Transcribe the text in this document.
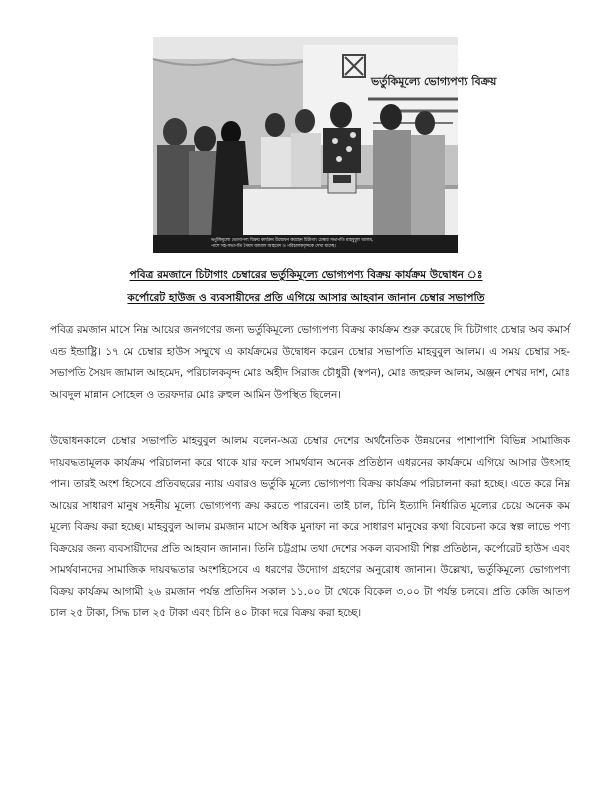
ভর্তুকিমূল্যে ভোগ্যপণ্য বিক্রয়
ভর্তুকিমূল্যে ভোগ্যপণ্য বিক্রয় কার্যক্রম উদ্বোধন করছেন চিটাগাং চেম্বার সভাপতি মাহবুবুল আলম,
পাশে সহ-সভাপতি সৈয়দ জামাল আহমেদ ও পরিচালকবৃন্দকে দেখা যাচ্ছে।
পবিত্র রমজানে চিটাগাং চেম্বারের ভর্তুকিমূল্যে ভোগ্যপণ্য বিক্রয় কার্যক্রম উদ্বোধন ঃ
কর্পোরেট হাউজ ও ব্যবসায়ীদের প্রতি এগিয়ে আসার আহবান জানান চেম্বার সভাপতি

পবিত্র রমজান মাসে নিম্ন আয়ের জনগণের জন্য ভর্তুকিমূল্যে ভোগ্যপণ্য বিক্রয় কার্যক্রম শুরু করেছে দি চিটাগাং চেম্বার অব কমার্স এন্ড ইন্ডাষ্ট্রি। ১৭ মে চেম্বার হাউস সম্মুখে এ কার্যক্রমের উদ্বোধন করেন চেম্বার সভাপতি মাহবুবুল আলম। এ সময় চেম্বার সহ-সভাপতি সৈয়দ জামাল আহমেদ, পরিচালকবৃন্দ মোঃ অহীদ সিরাজ চৌধুরী (স্বপন), মোঃ জহুরুল আলম, অঞ্জন শেখর দাশ, মোঃ আবদুল মান্নান সোহেল ও তরফদার মোঃ রুহুল আমিন উপস্থিত ছিলেন।

উদ্বোধনকালে চেম্বার সভাপতি মাহবুবুল আলম বলেন-অত্র চেম্বার দেশের অর্থনৈতিক উন্নয়নের পাশাপাশি বিভিন্ন সামাজিক দায়বদ্ধতামূলক কার্যক্রম পরিচালনা করে থাকে যার ফলে সামর্থবান অনেক প্রতিষ্ঠান এধরনের কার্যক্রমে এগিয়ে আসার উৎসাহ পান। তারই অংশ হিসেবে প্রতিবছরের ন্যায় এবারও ভর্তুকি মূল্যে ভোগ্যপণ্য বিক্রয় কার্যক্রম পরিচালনা করা হচ্ছে। এতে করে নিম্ন আয়ের সাধারণ মানুষ সহনীয় মূল্যে ভোগ্যপণ্য ক্রয় করতে পারবেন। তাই চাল, চিনি ইত্যাদি নির্ধারিত মূল্যের চেয়ে অনেক কম মূল্যে বিক্রয় করা হচ্ছে। মাহবুবুল আলম রমজান মাসে অধিক মুনাফা না করে সাধারণ মানুষের কথা বিবেচনা করে স্বল্প লাভে পণ্য বিক্রয়ের জন্য ব্যবসায়ীদের প্রতি আহবান জানান। তিনি চট্টগ্রাম তথা দেশের সকল ব্যবসায়ী শিল্প প্রতিষ্ঠান, কর্পোরেট হাউস এবং সামর্থবানদের সামাজিক দায়বদ্ধতার অংশহিসেবে এ ধরণের উদ্যোগ গ্রহণের অনুরোধ জানান। উল্লেখ্য, ভর্তুকিমূল্যে ভোগ্যপণ্য বিক্রয় কার্যক্রম আগামী ২৬ রমজান পর্যন্ত প্রতিদিন সকাল ১১.০০ টা থেকে বিকেল ৩.০০ টা পর্যন্ত চলবে। প্রতি কেজি আতপ চাল ২৫ টাকা, সিদ্ধ চাল ২৫ টাকা এবং চিনি ৪০ টাকা দরে বিক্রয় করা হচ্ছে।
